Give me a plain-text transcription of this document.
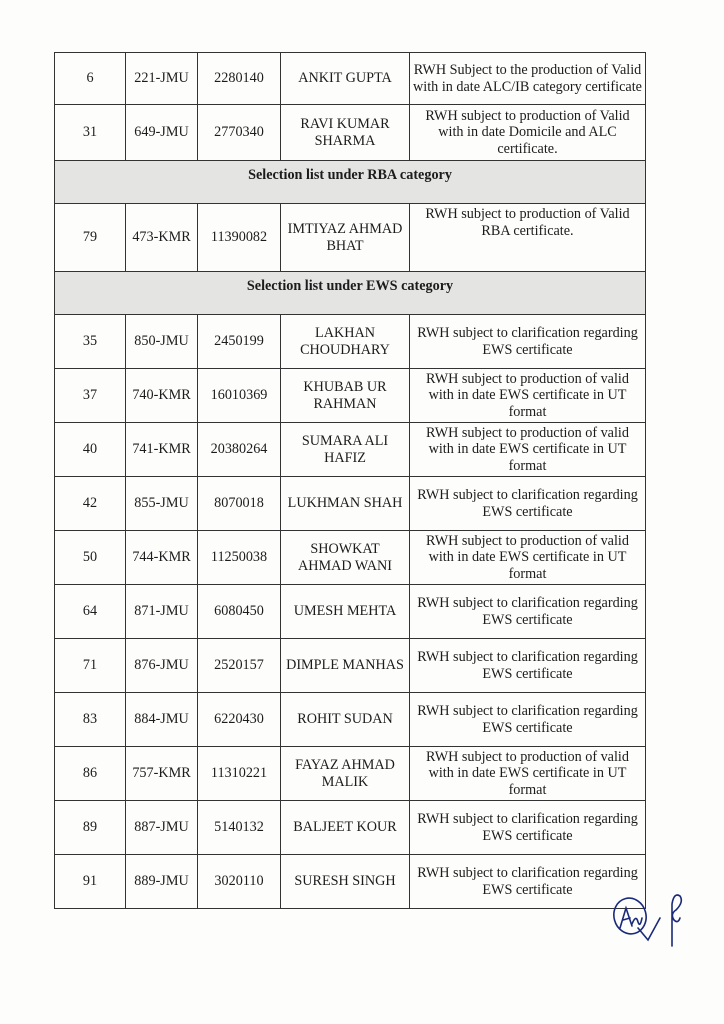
6	221-JMU	2280140	ANKIT GUPTA	RWH Subject to the production of Valid with in date ALC/IB category certificate
31	649-JMU	2770340	RAVI KUMAR SHARMA	RWH subject to production of Valid with in date Domicile and ALC certificate.
Selection list under RBA category				
79	473-KMR	11390082	IMTIYAZ AHMAD BHAT	RWH subject to production of Valid RBA certificate.
Selection list under EWS category				
35	850-JMU	2450199	LAKHAN CHOUDHARY	RWH subject to clarification regarding EWS certificate
37	740-KMR	16010369	KHUBAB UR RAHMAN	RWH subject to production of valid with in date EWS certificate in UT format
40	741-KMR	20380264	SUMARA ALI HAFIZ	RWH subject to production of valid with in date EWS certificate in UT format
42	855-JMU	8070018	LUKHMAN SHAH	RWH subject to clarification regarding EWS certificate
50	744-KMR	11250038	SHOWKAT AHMAD WANI	RWH subject to production of valid with in date EWS certificate in UT format
64	871-JMU	6080450	UMESH MEHTA	RWH subject to clarification regarding EWS certificate
71	876-JMU	2520157	DIMPLE MANHAS	RWH subject to clarification regarding EWS certificate
83	884-JMU	6220430	ROHIT SUDAN	RWH subject to clarification regarding EWS certificate
86	757-KMR	11310221	FAYAZ AHMAD MALIK	RWH subject to production of valid with in date EWS certificate in UT format
89	887-JMU	5140132	BALJEET KOUR	RWH subject to clarification regarding EWS certificate
91	889-JMU	3020110	SURESH SINGH	RWH subject to clarification regarding EWS certificate
